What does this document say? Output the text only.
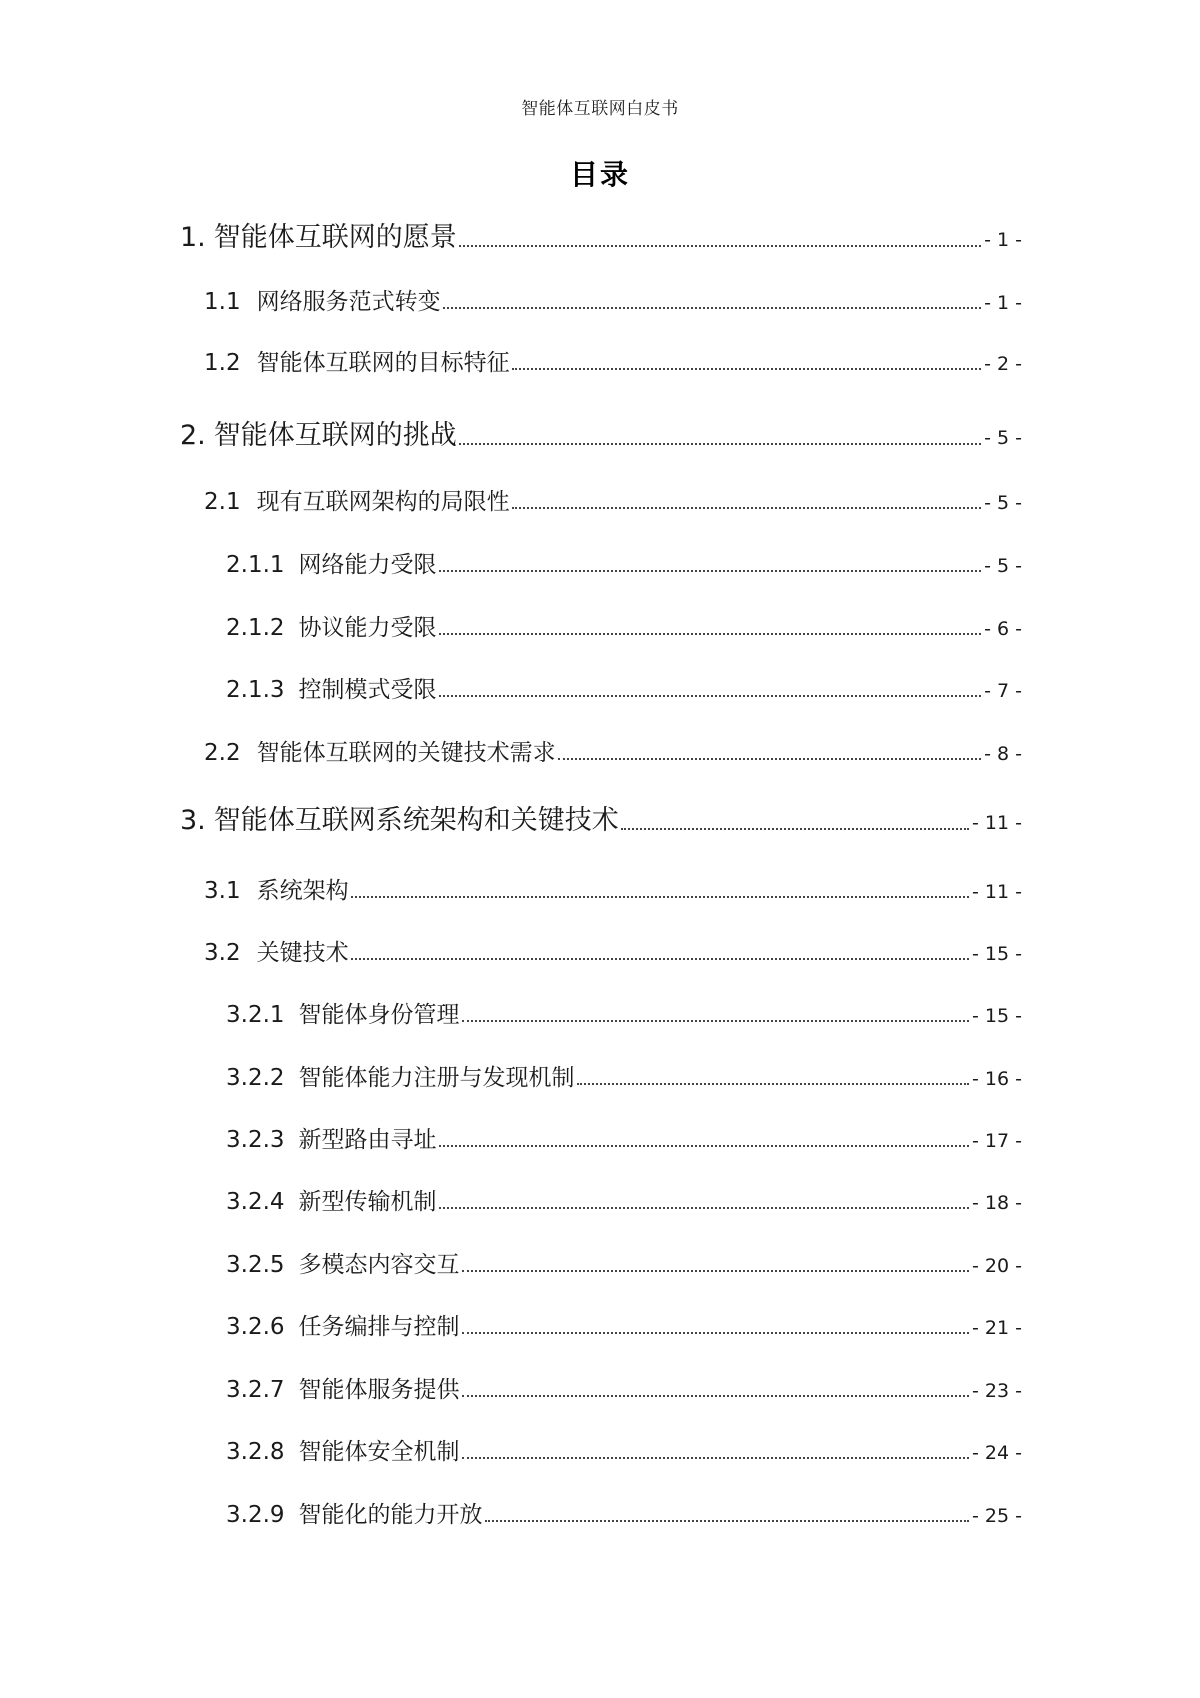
智能体互联网白皮书
目录
1. 智能体互联网的愿景	- 1 -
1.1 网络服务范式转变	- 1 -
1.2 智能体互联网的目标特征	- 2 -
2. 智能体互联网的挑战	- 5 -
2.1 现有互联网架构的局限性	- 5 -
2.1.1 网络能力受限	- 5 -
2.1.2 协议能力受限	- 6 -
2.1.3 控制模式受限	- 7 -
2.2 智能体互联网的关键技术需求	- 8 -
3. 智能体互联网系统架构和关键技术	- 11 -
3.1 系统架构	- 11 -
3.2 关键技术	- 15 -
3.2.1 智能体身份管理	- 15 -
3.2.2 智能体能力注册与发现机制	- 16 -
3.2.3 新型路由寻址	- 17 -
3.2.4 新型传输机制	- 18 -
3.2.5 多模态内容交互	- 20 -
3.2.6 任务编排与控制	- 21 -
3.2.7 智能体服务提供	- 23 -
3.2.8 智能体安全机制	- 24 -
3.2.9 智能化的能力开放	- 25 -
